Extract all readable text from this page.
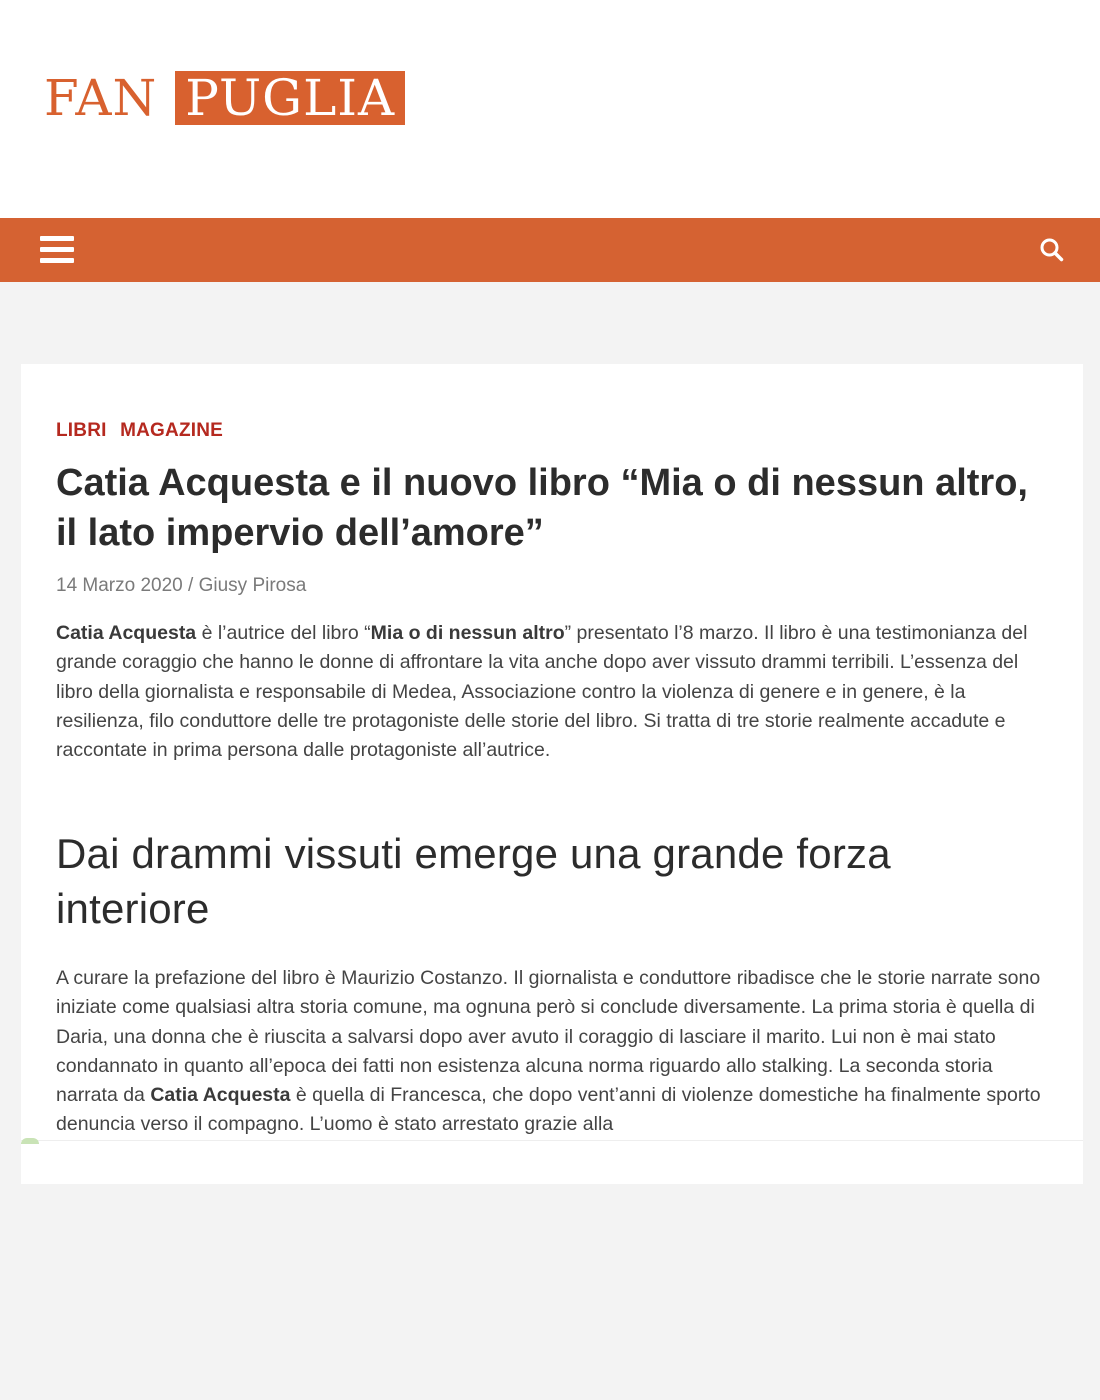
FAN PUGLIA
LIBRI MAGAZINE
Catia Acquesta e il nuovo libro “Mia o di nessun altro, il lato impervio dell’amore”
14 Marzo 2020 / Giusy Pirosa

Catia Acquesta è l’autrice del libro “Mia o di nessun altro” presentato l’8 marzo. Il libro è una testimonianza del grande coraggio che hanno le donne di affrontare la vita anche dopo aver vissuto drammi terribili. L’essenza del libro della giornalista e responsabile di Medea, Associazione contro la violenza di genere e in genere, è la resilienza, filo conduttore delle tre protagoniste delle storie del libro. Si tratta di tre storie realmente accadute e raccontate in prima persona dalle protagoniste all’autrice.

Dai drammi vissuti emerge una grande forza interiore

A curare la prefazione del libro è Maurizio Costanzo. Il giornalista e conduttore ribadisce che le storie narrate sono iniziate come qualsiasi altra storia comune, ma ognuna però si conclude diversamente. La prima storia è quella di Daria, una donna che è riuscita a salvarsi dopo aver avuto il coraggio di lasciare il marito. Lui non è mai stato condannato in quanto all’epoca dei fatti non esistenza alcuna norma riguardo allo stalking. La seconda storia narrata da Catia Acquesta è quella di Francesca, che dopo vent’anni di violenze domestiche ha finalmente sporto denuncia verso il compagno. L’uomo è stato arrestato grazie alla
